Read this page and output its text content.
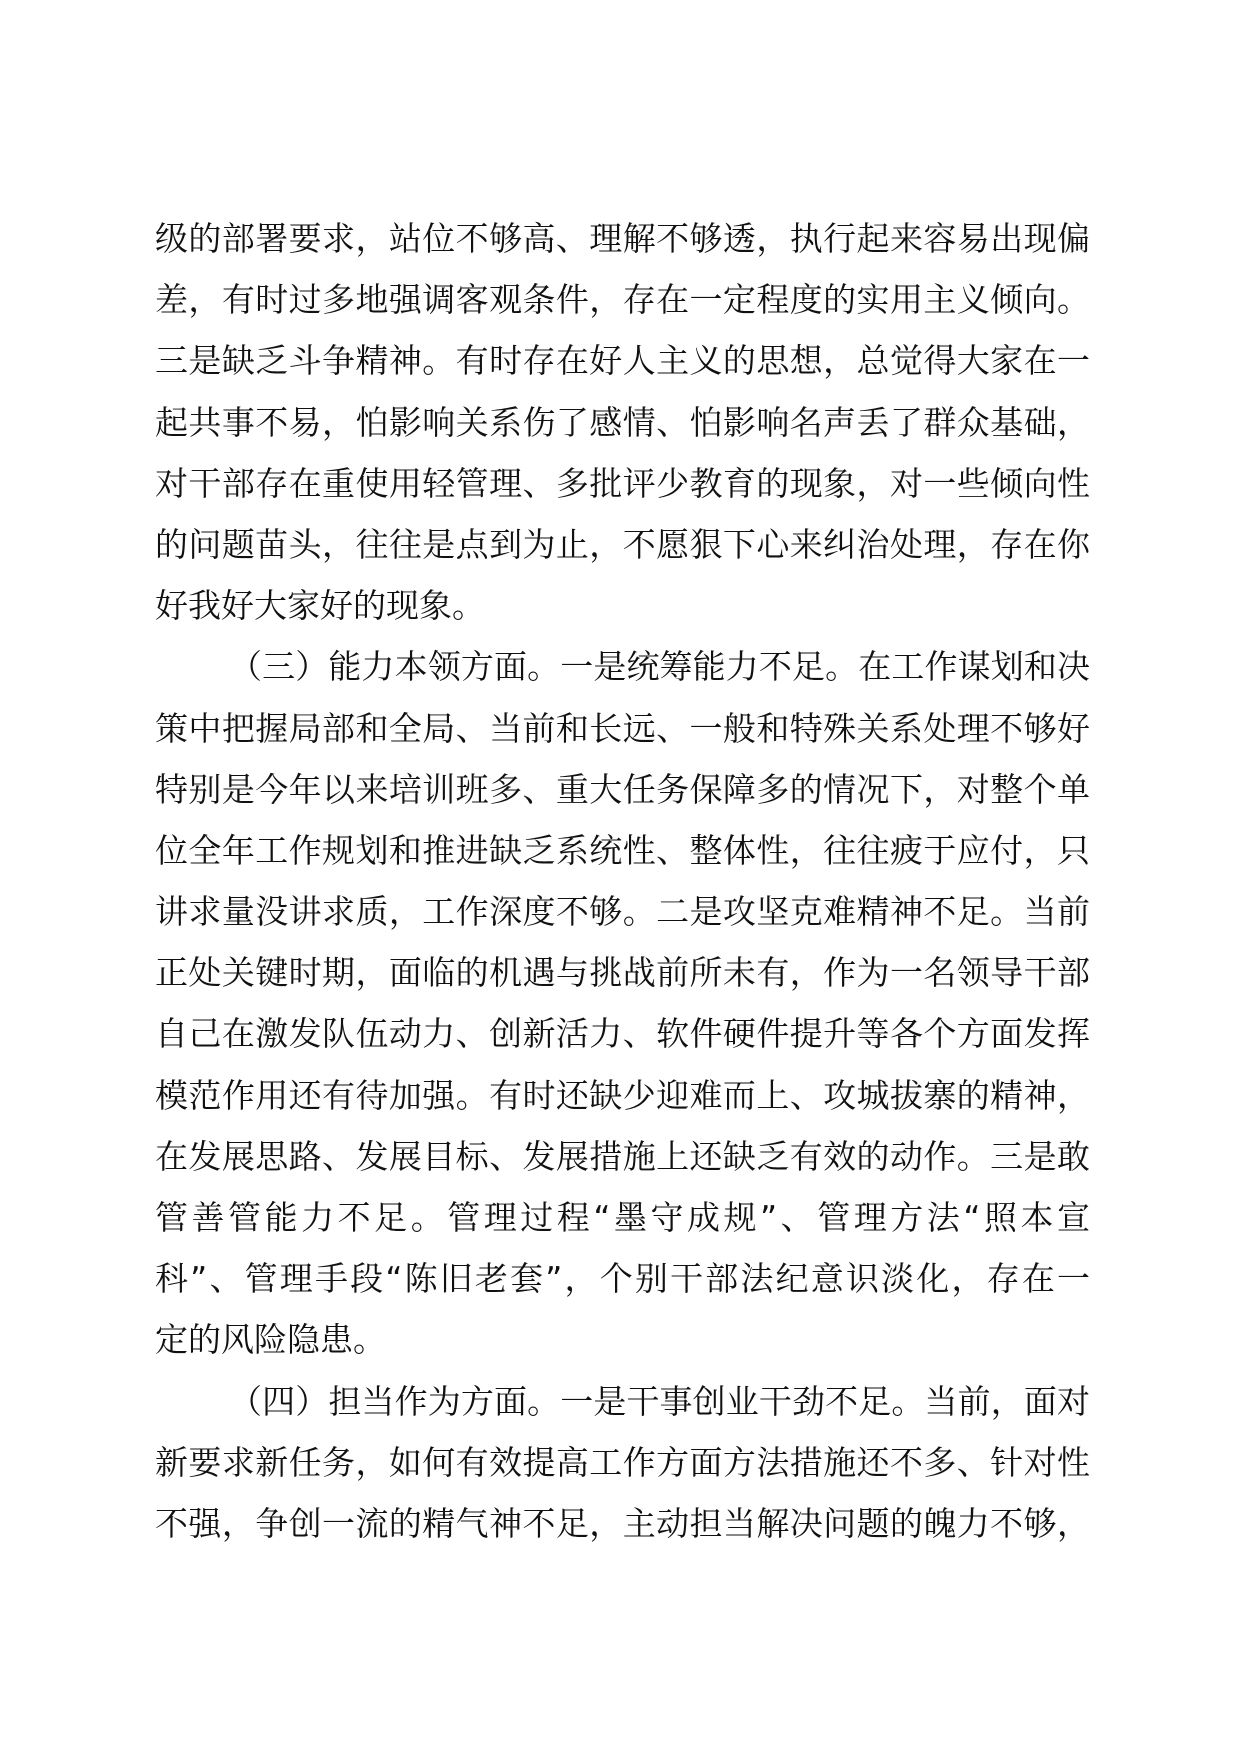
级的部署要求，站位不够高、理解不够透，执行起来容易出现偏
差，有时过多地强调客观条件，存在一定程度的实用主义倾向。
三是缺乏斗争精神。有时存在好人主义的思想，总觉得大家在一
起共事不易，怕影响关系伤了感情、怕影响名声丢了群众基础，
对干部存在重使用轻管理、多批评少教育的现象，对一些倾向性
的问题苗头，往往是点到为止，不愿狠下心来纠治处理，存在你
好我好大家好的现象。
（三）能力本领方面。一是统筹能力不足。在工作谋划和决
策中把握局部和全局、当前和长远、一般和特殊关系处理不够好
特别是今年以来培训班多、重大任务保障多的情况下，对整个单
位全年工作规划和推进缺乏系统性、整体性，往往疲于应付，只
讲求量没讲求质，工作深度不够。二是攻坚克难精神不足。当前
正处关键时期，面临的机遇与挑战前所未有，作为一名领导干部
自己在激发队伍动力、创新活力、软件硬件提升等各个方面发挥
模范作用还有待加强。有时还缺少迎难而上、攻城拔寨的精神，
在发展思路、发展目标、发展措施上还缺乏有效的动作。三是敢
管善管能力不足。管理过程“墨守成规”、管理方法“照本宣
科”、管理手段“陈旧老套”，个别干部法纪意识淡化，存在一
定的风险隐患。
（四）担当作为方面。一是干事创业干劲不足。当前，面对
新要求新任务，如何有效提高工作方面方法措施还不多、针对性
不强，争创一流的精气神不足，主动担当解决问题的魄力不够，
